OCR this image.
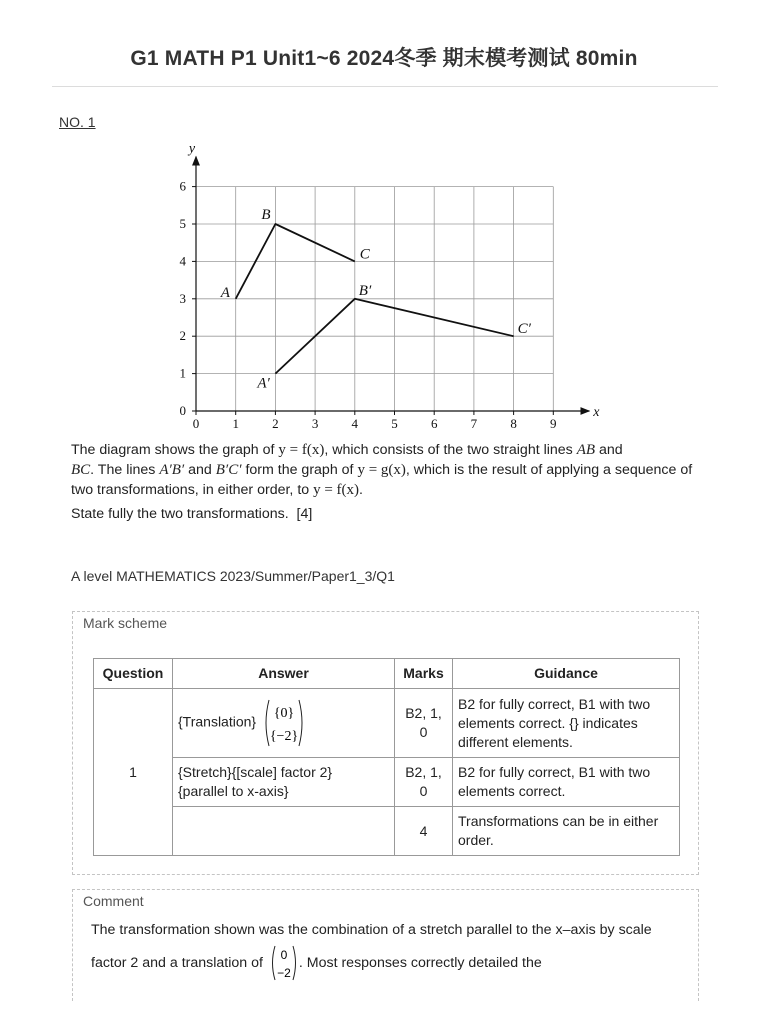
G1 MATH P1 Unit1~6 2024冬季 期末模考测试 80min
NO. 1
0	1	2	3	4	5	6	7	8	9
0
1
2
3
4
5
6
x
y
A
B
C
A′
B′
C′

The diagram shows the graph of y = f(x), which consists of the two straight lines AB and
BC. The lines A′B′ and B′C′ form the graph of y = g(x), which is the result of applying a sequence of two transformations, in either order, to y = f(x).

State fully the two transformations. [4]

A level MATHEMATICS 2023/Summer/Paper1_3/Q1
Mark scheme
Question	Answer	Marks	Guidance
1	{Translation}
{0}
{−2}	B2, 1, 0	B2 for fully correct, B1 with two elements correct. {} indicates different elements.
	{Stretch}{[scale] factor 2}
{parallel to x-axis}	B2, 1, 0	B2 for fully correct, B1 with two elements correct.
		4	Transformations can be in either order.
Comment
The transformation shown was the combination of a stretch parallel to the x–axis by scale factor 2 and a translation of 0
−2
. Most responses correctly detailed the
